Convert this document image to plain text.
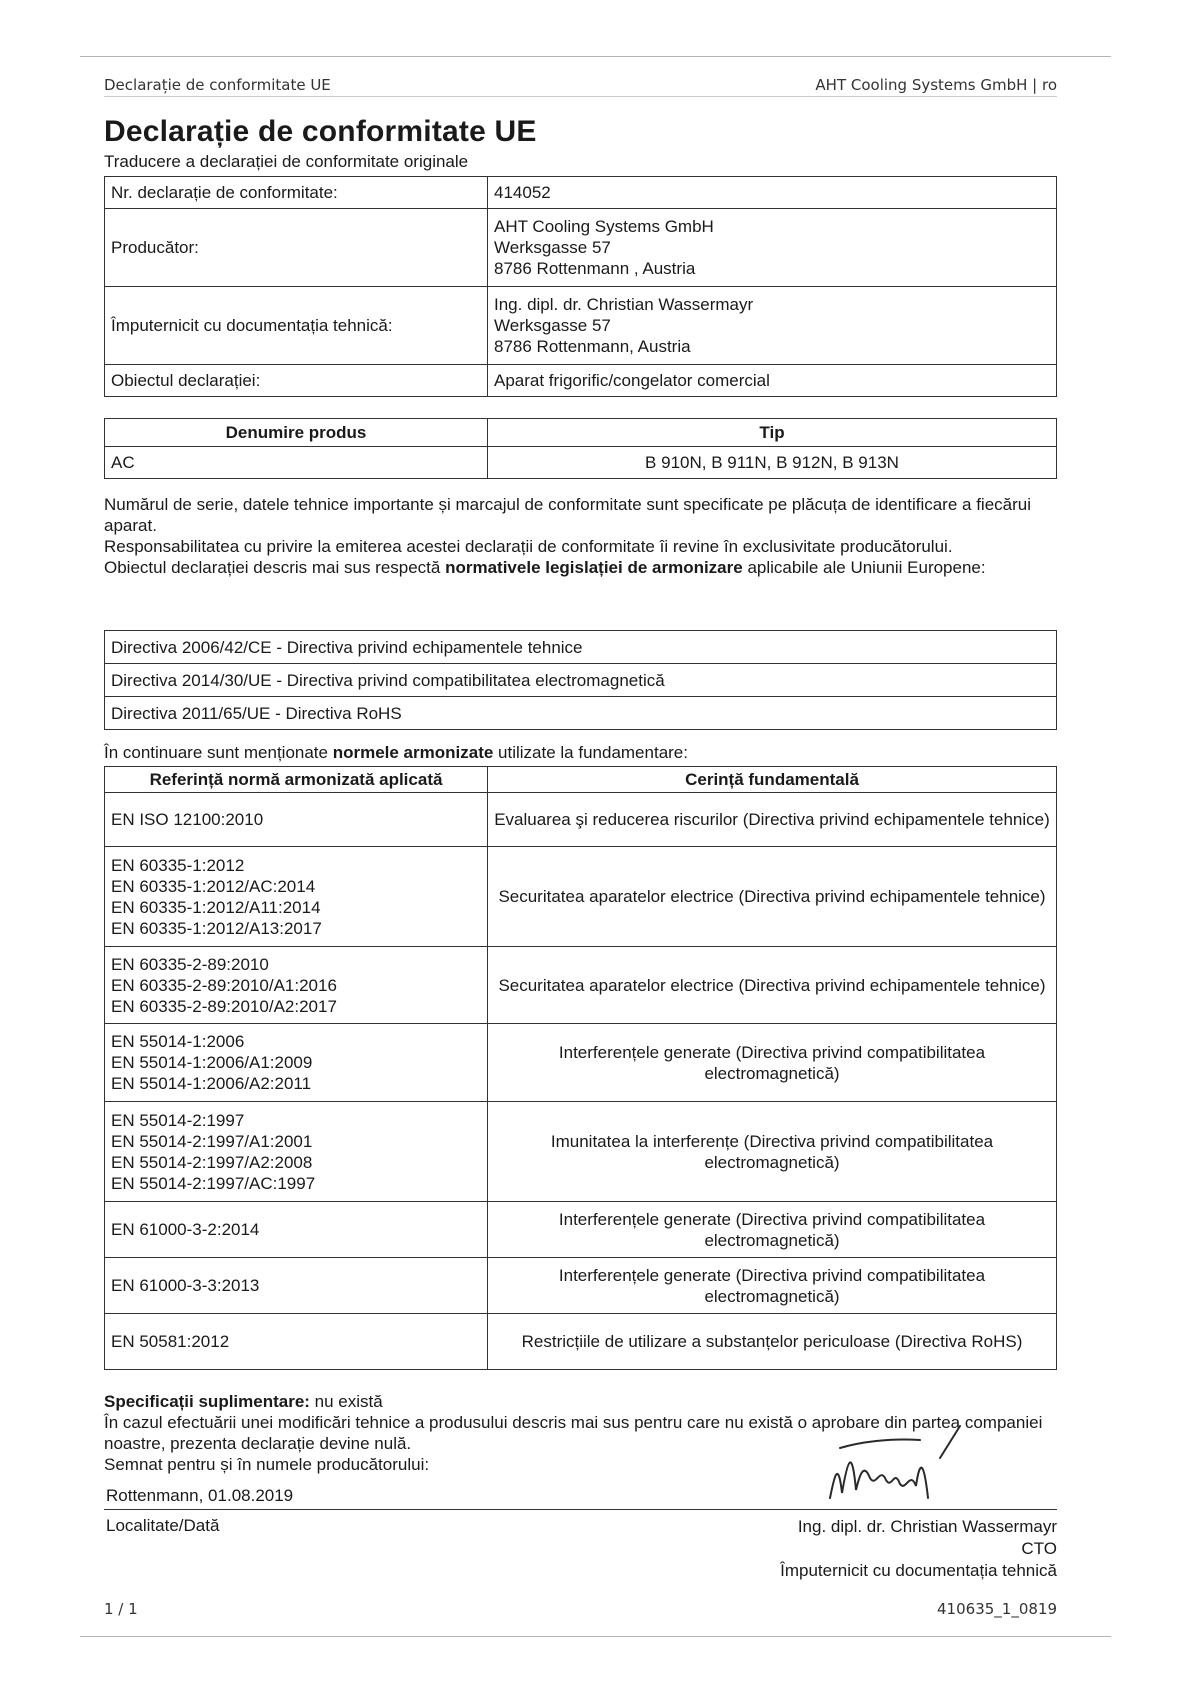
Declarație de conformitate UE	AHT Cooling Systems GmbH | ro
Declarație de conformitate UE
Traducere a declarației de conformitate originale
Nr. declarație de conformitate:	414052
Producător:	AHT Cooling Systems GmbH
Werksgasse 57
8786 Rottenmann , Austria
Împuternicit cu documentația tehnică:	Ing. dipl. dr. Christian Wassermayr
Werksgasse 57
8786 Rottenmann, Austria
Obiectul declarației:	Aparat frigorific/congelator comercial
Denumire produs	Tip
AC	B 910N, B 911N, B 912N, B 913N
Numărul de serie, datele tehnice importante și marcajul de conformitate sunt specificate pe plăcuța de identificare a fiecărui aparat.
Responsabilitatea cu privire la emiterea acestei declarații de conformitate îi revine în exclusivitate producătorului.
Obiectul declarației descris mai sus respectă normativele legislației de armonizare aplicabile ale Uniunii Europene:
Directiva 2006/42/CE - Directiva privind echipamentele tehnice
Directiva 2014/30/UE - Directiva privind compatibilitatea electromagnetică
Directiva 2011/65/UE - Directiva RoHS
În continuare sunt menționate normele armonizate utilizate la fundamentare:
Referință normă armonizată aplicată	Cerință fundamentală
EN ISO 12100:2010	Evaluarea şi reducerea riscurilor (Directiva privind echipamentele tehnice)
EN 60335-1:2012
EN 60335-1:2012/AC:2014
EN 60335-1:2012/A11:2014
EN 60335-1:2012/A13:2017	Securitatea aparatelor electrice (Directiva privind echipamentele tehnice)
EN 60335-2-89:2010
EN 60335-2-89:2010/A1:2016
EN 60335-2-89:2010/A2:2017	Securitatea aparatelor electrice (Directiva privind echipamentele tehnice)
EN 55014-1:2006
EN 55014-1:2006/A1:2009
EN 55014-1:2006/A2:2011	Interferențele generate (Directiva privind compatibilitatea electromagnetică)
EN 55014-2:1997
EN 55014-2:1997/A1:2001
EN 55014-2:1997/A2:2008
EN 55014-2:1997/AC:1997	Imunitatea la interferențe (Directiva privind compatibilitatea electromagnetică)
EN 61000-3-2:2014	Interferențele generate (Directiva privind compatibilitatea electromagnetică)
EN 61000-3-3:2013	Interferențele generate (Directiva privind compatibilitatea electromagnetică)
EN 50581:2012	Restricțiile de utilizare a substanțelor periculoase (Directiva RoHS)
Specificații suplimentare: nu există
În cazul efectuării unei modificări tehnice a produsului descris mai sus pentru care nu există o aprobare din partea companiei noastre, prezenta declarație devine nulă.
Semnat pentru și în numele producătorului:
Rottenmann, 01.08.2019
Localitate/Dată	Ing. dipl. dr. Christian Wassermayr
CTO
Împuternicit cu documentația tehnică
1 / 1	410635_1_0819
